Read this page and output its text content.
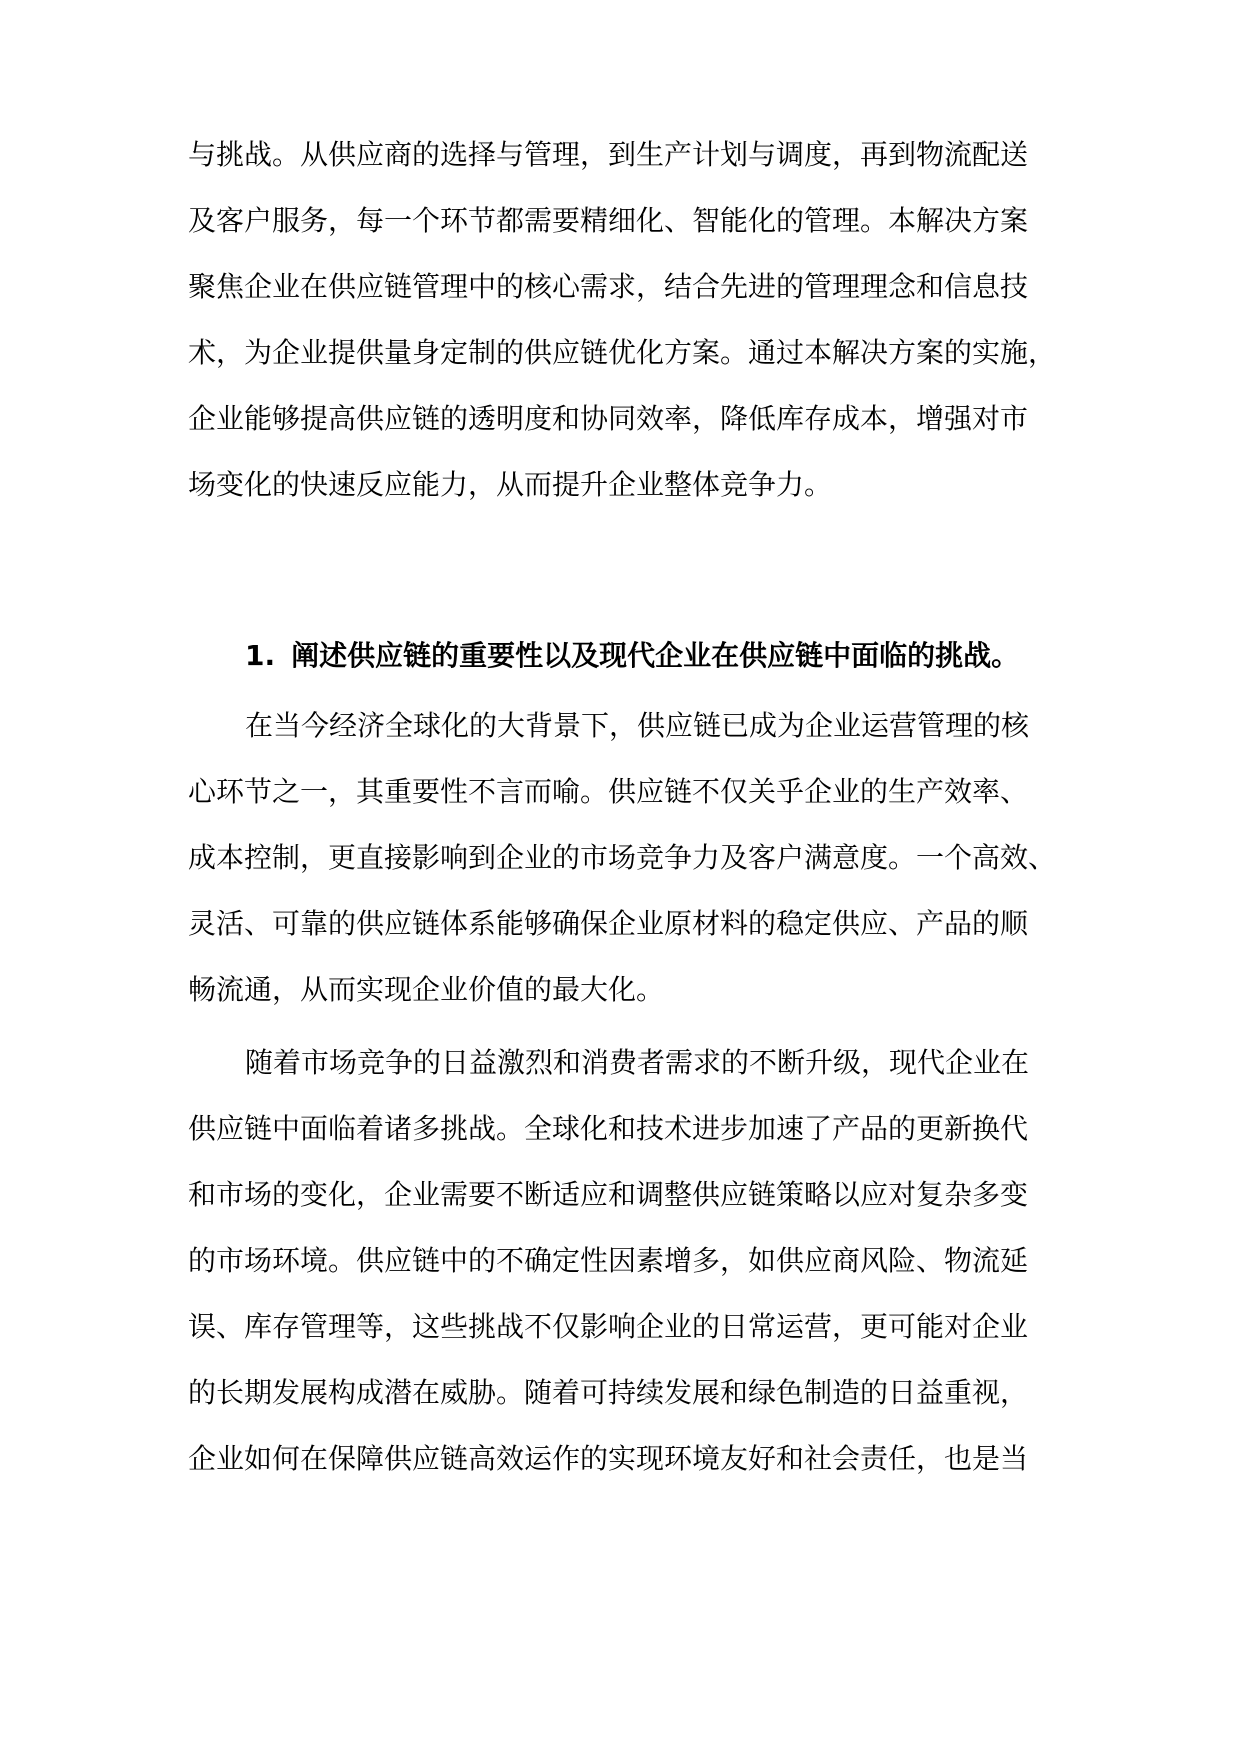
与挑战。从供应商的选择与管理，到生产计划与调度，再到物流配送
及客户服务，每一个环节都需要精细化、智能化的管理。本解决方案
聚焦企业在供应链管理中的核心需求，结合先进的管理理念和信息技
术，为企业提供量身定制的供应链优化方案。通过本解决方案的实施，
企业能够提高供应链的透明度和协同效率，降低库存成本，增强对市
场变化的快速反应能力，从而提升企业整体竞争力。
1. 阐述供应链的重要性以及现代企业在供应链中面临的挑战。
在当今经济全球化的大背景下，供应链已成为企业运营管理的核
心环节之一，其重要性不言而喻。供应链不仅关乎企业的生产效率、
成本控制，更直接影响到企业的市场竞争力及客户满意度。一个高效、
灵活、可靠的供应链体系能够确保企业原材料的稳定供应、产品的顺
畅流通，从而实现企业价值的最大化。
随着市场竞争的日益激烈和消费者需求的不断升级，现代企业在
供应链中面临着诸多挑战。全球化和技术进步加速了产品的更新换代
和市场的变化，企业需要不断适应和调整供应链策略以应对复杂多变
的市场环境。供应链中的不确定性因素增多，如供应商风险、物流延
误、库存管理等，这些挑战不仅影响企业的日常运营，更可能对企业
的长期发展构成潜在威胁。随着可持续发展和绿色制造的日益重视，
企业如何在保障供应链高效运作的实现环境友好和社会责任，也是当
